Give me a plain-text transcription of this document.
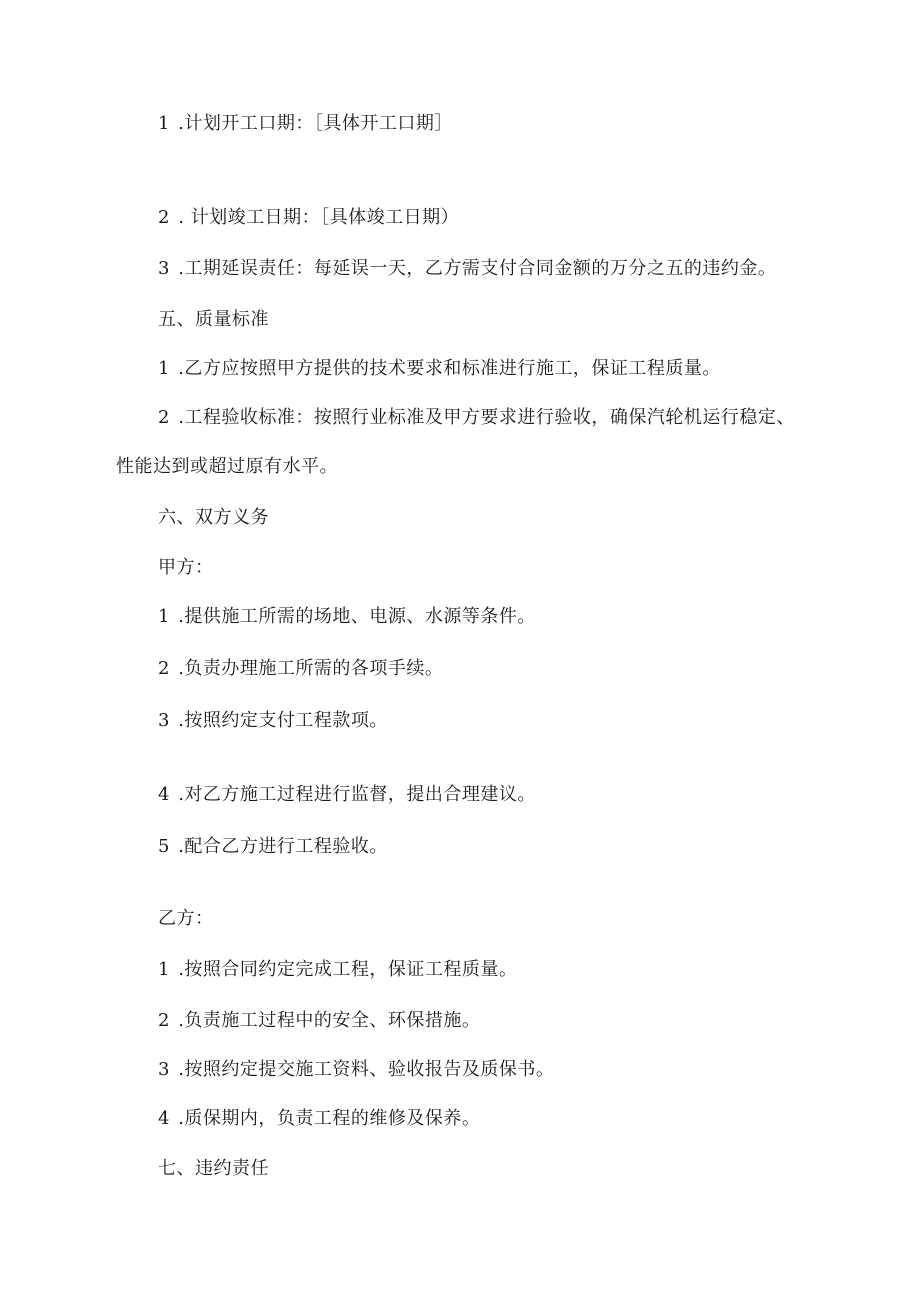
1 .计划开工口期：［具体开工口期］
2 . 计划竣工日期：［具体竣工日期）
3 .工期延误责任：每延误一天，乙方需支付合同金额的万分之五的违约金。
五、质量标准
1 .乙方应按照甲方提供的技术要求和标准进行施工，保证工程质量。
2 .工程验收标准：按照行业标准及甲方要求进行验收，确保汽轮机运行稳定、
性能达到或超过原有水平。
六、双方义务
甲方：
1 .提供施工所需的场地、电源、水源等条件。
2 .负责办理施工所需的各项手续。
3 .按照约定支付工程款项。
4 .对乙方施工过程进行监督，提出合理建议。
5 .配合乙方进行工程验收。
乙方：
1 .按照合同约定完成工程，保证工程质量。
2 .负责施工过程中的安全、环保措施。
3 .按照约定提交施工资料、验收报告及质保书。
4 .质保期内，负责工程的维修及保养。
七、违约责任
